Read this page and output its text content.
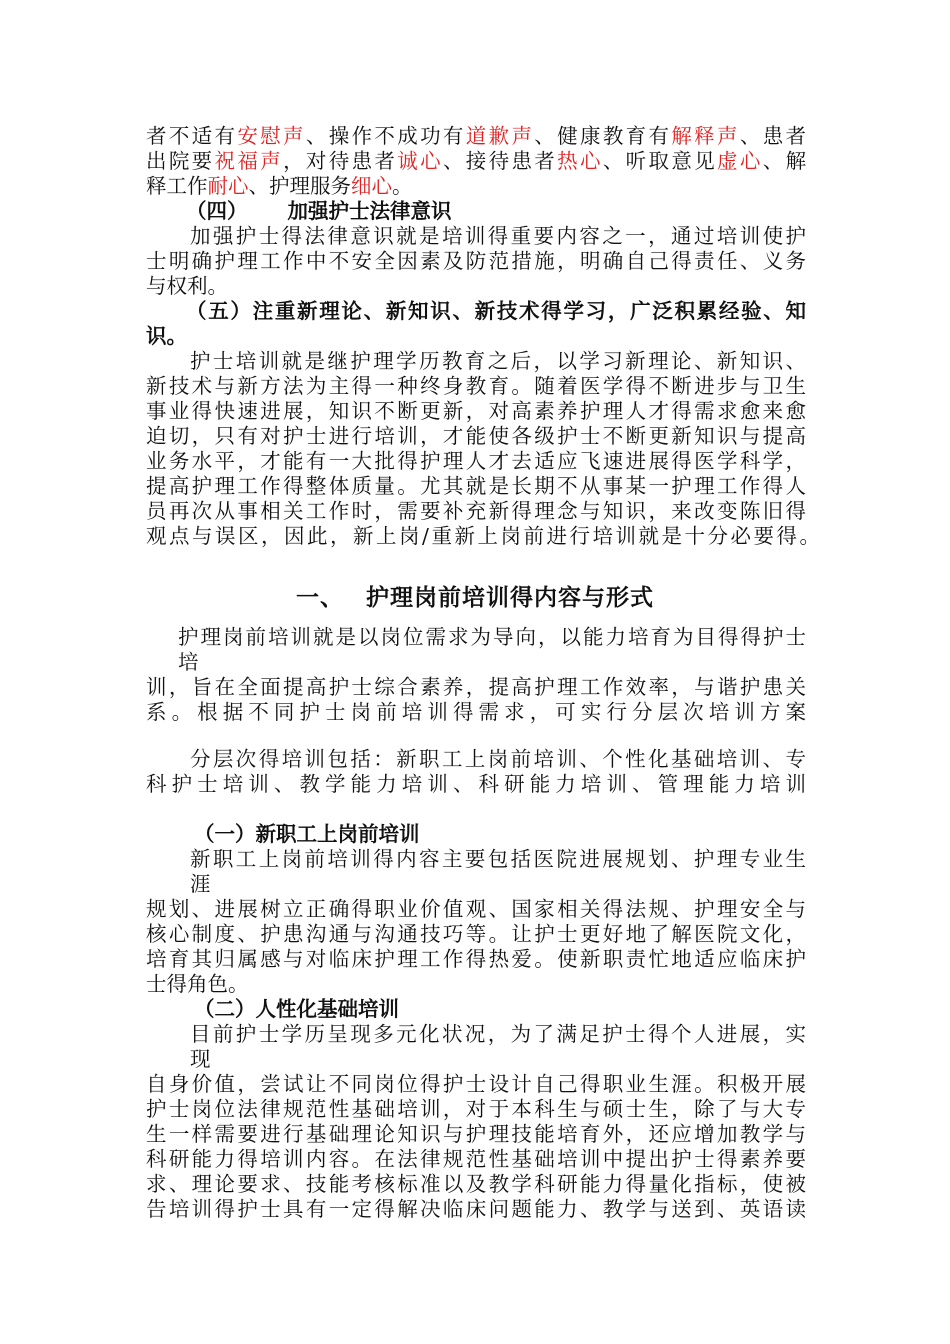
者不适有安慰声、操作不成功有道歉声、健康教育有解释声、患者
出院要祝福声，对待患者诚心、接待患者热心、听取意见虚心、解
释工作耐心、护理服务细心。
（四） 加强护士法律意识
加强护士得法律意识就是培训得重要内容之一，通过培训使护
士明确护理工作中不安全因素及防范措施，明确自己得责任、义务
与权利。
（五）注重新理论、新知识、新技术得学习，广泛积累经验、知
识。
护士培训就是继护理学历教育之后，以学习新理论、新知识、
新技术与新方法为主得一种终身教育。随着医学得不断进步与卫生
事业得快速进展，知识不断更新，对高素养护理人才得需求愈来愈
迫切，只有对护士进行培训，才能使各级护士不断更新知识与提高
业务水平，才能有一大批得护理人才去适应飞速进展得医学科学，
提高护理工作得整体质量。尤其就是长期不从事某一护理工作得人
员再次从事相关工作时，需要补充新得理念与知识，来改变陈旧得
观点与误区，因此，新上岗/重新上岗前进行培训就是十分必要得。
一、 护理岗前培训得内容与形式
护理岗前培训就是以岗位需求为导向，以能力培育为目得得护士
培
训，旨在全面提高护士综合素养，提高护理工作效率，与谐护患关
系。根据不同护士岗前培训得需求，可实行分层次培训方案
分层次得培训包括：新职工上岗前培训、个性化基础培训、专
科护士培训、教学能力培训、科研能力培训、管理能力培训
（一）新职工上岗前培训
新职工上岗前培训得内容主要包括医院进展规划、护理专业生
涯
规划、进展树立正确得职业价值观、国家相关得法规、护理安全与
核心制度、护患沟通与沟通技巧等。让护士更好地了解医院文化，
培育其归属感与对临床护理工作得热爱。使新职责忙地适应临床护
士得角色。
（二）人性化基础培训
目前护士学历呈现多元化状况，为了满足护士得个人进展，实
现
自身价值，尝试让不同岗位得护士设计自己得职业生涯。积极开展
护士岗位法律规范性基础培训，对于本科生与硕士生，除了与大专
生一样需要进行基础理论知识与护理技能培育外，还应增加教学与
科研能力得培训内容。在法律规范性基础培训中提出护士得素养要
求、理论要求、技能考核标准以及教学科研能力得量化指标，使被
告培训得护士具有一定得解决临床问题能力、教学与送到、英语读
